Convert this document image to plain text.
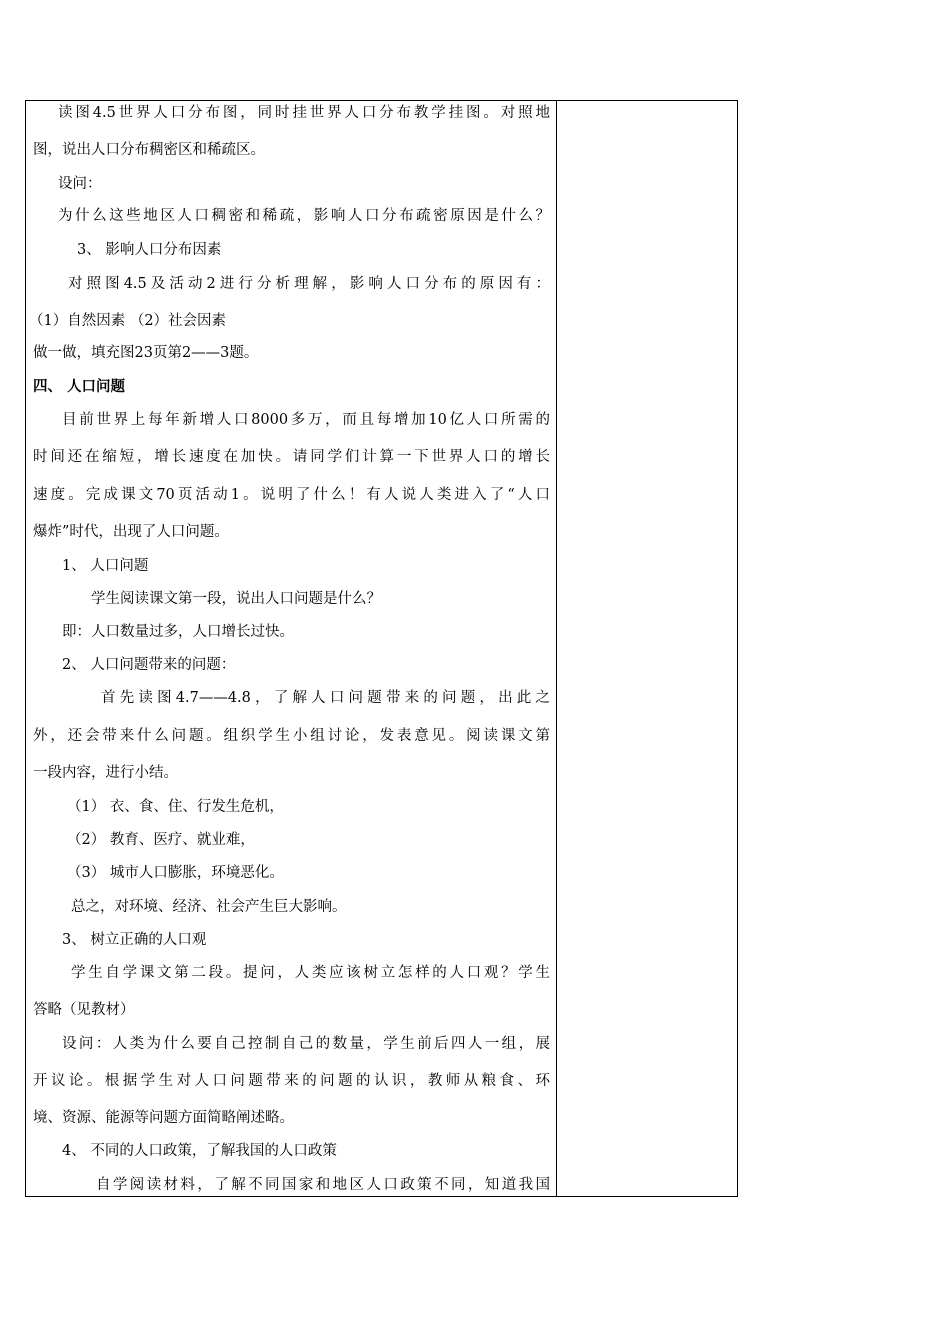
读图4.5世界人口分布图，同时挂世界人口分布教学挂图。对照地
图，说出人口分布稠密区和稀疏区。
设问：
为什么这些地区人口稠密和稀疏，影响人口分布疏密原因是什么？
3、 影响人口分布因素
对照图4.5及活动2进行分析理解，影响人口分布的原因有：
（1）自然因素 （2）社会因素
做一做，填充图23页第2——3题。
四、 人口问题
目前世界上每年新增人口8000多万，而且每增加10亿人口所需的
时间还在缩短，增长速度在加快。请同学们计算一下世界人口的增长
速度。完成课文70页活动1。说明了什么！有人说人类进入了“人口
爆炸”时代，出现了人口问题。
1、 人口问题
学生阅读课文第一段，说出人口问题是什么？
即：人口数量过多，人口增长过快。
2、 人口问题带来的问题：
首先读图4.7——4.8，了解人口问题带来的问题，出此之
外，还会带来什么问题。组织学生小组讨论，发表意见。阅读课文第
一段内容，进行小结。
（1） 衣、食、住、行发生危机，
（2） 教育、医疗、就业难，
（3） 城市人口膨胀，环境恶化。
总之，对环境、经济、社会产生巨大影响。
3、 树立正确的人口观
学生自学课文第二段。提问，人类应该树立怎样的人口观？学生
答略（见教材）
设问：人类为什么要自己控制自己的数量，学生前后四人一组，展
开议论。根据学生对人口问题带来的问题的认识，教师从粮食、环
境、资源、能源等问题方面简略阐述略。
4、 不同的人口政策，了解我国的人口政策
自学阅读材料，了解不同国家和地区人口政策不同，知道我国
